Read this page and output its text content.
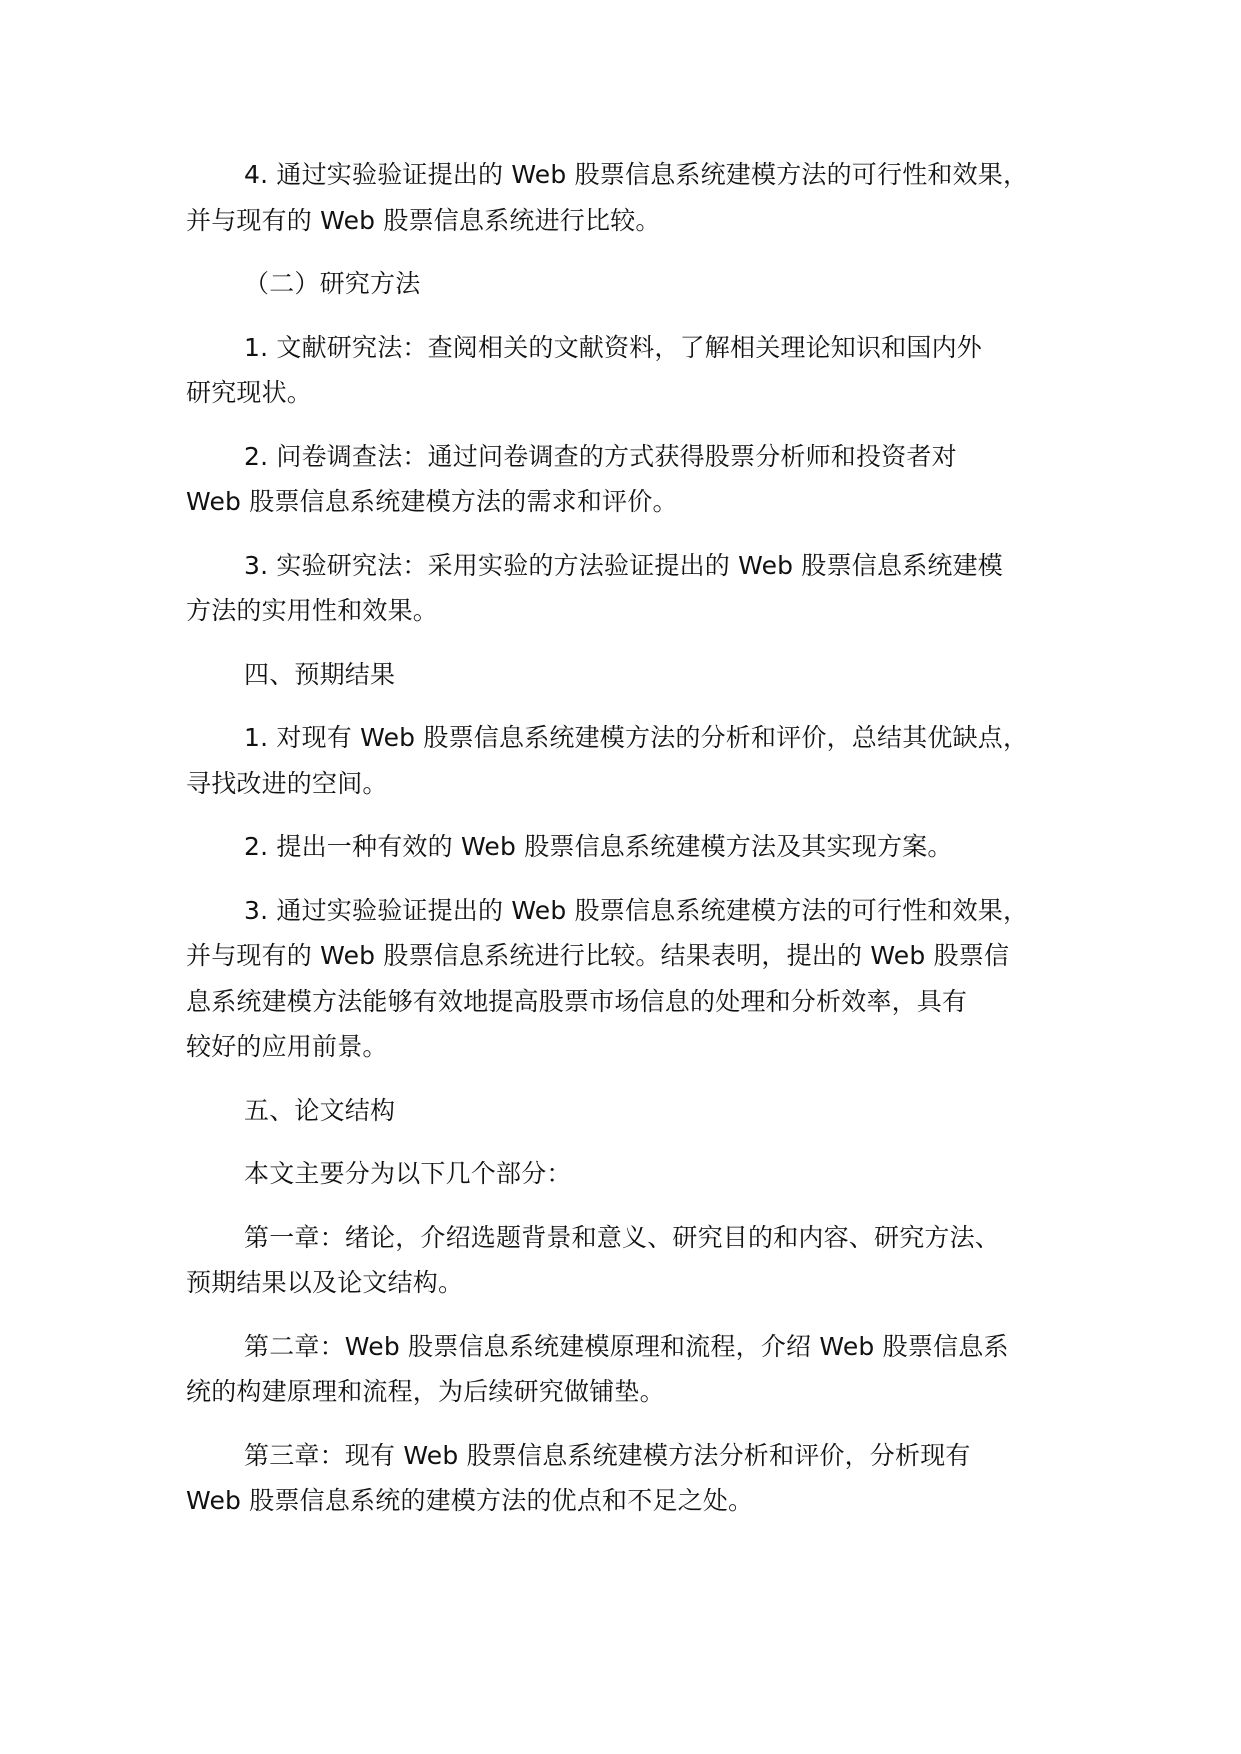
4. 通过实验验证提出的 Web 股票信息系统建模方法的可行性和效果，
并与现有的 Web 股票信息系统进行比较。

（二）研究方法

1. 文献研究法：查阅相关的文献资料，了解相关理论知识和国内外
研究现状。

2. 问卷调查法：通过问卷调查的方式获得股票分析师和投资者对
Web 股票信息系统建模方法的需求和评价。

3. 实验研究法：采用实验的方法验证提出的 Web 股票信息系统建模
方法的实用性和效果。

四、预期结果

1. 对现有 Web 股票信息系统建模方法的分析和评价，总结其优缺点，
寻找改进的空间。

2. 提出一种有效的 Web 股票信息系统建模方法及其实现方案。

3. 通过实验验证提出的 Web 股票信息系统建模方法的可行性和效果，
并与现有的 Web 股票信息系统进行比较。结果表明，提出的 Web 股票信
息系统建模方法能够有效地提高股票市场信息的处理和分析效率，具有
较好的应用前景。

五、论文结构

本文主要分为以下几个部分：

第一章：绪论，介绍选题背景和意义、研究目的和内容、研究方法、
预期结果以及论文结构。

第二章：Web 股票信息系统建模原理和流程，介绍 Web 股票信息系
统的构建原理和流程，为后续研究做铺垫。

第三章：现有 Web 股票信息系统建模方法分析和评价，分析现有
Web 股票信息系统的建模方法的优点和不足之处。
